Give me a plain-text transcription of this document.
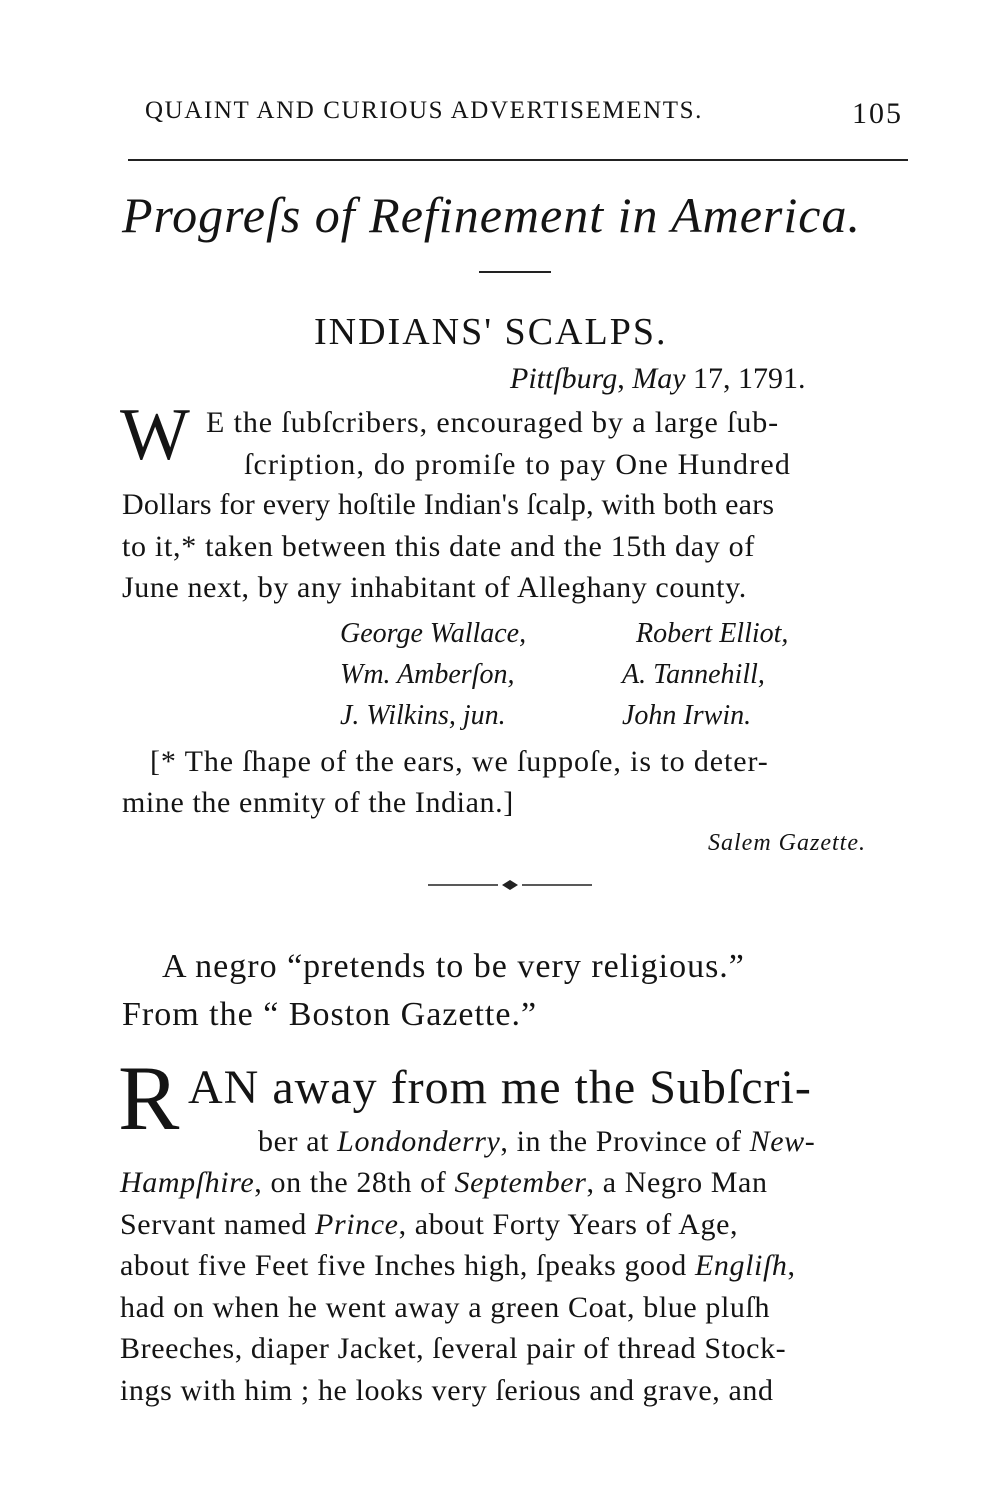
QUAINT AND CURIOUS ADVERTISEMENTS.	105
Progreſs of Refinement in America.
INDIANS' SCALPS.
Pittſburg, May 17, 1791.
W E the ſubſcribers, encouraged by a large ſub-
ſcription, do promiſe to pay One Hundred
Dollars for every hoſtile Indian's ſcalp, with both ears
to it,* taken between this date and the 15th day of
June next, by any inhabitant of Alleghany county.
George Wallace,	Robert Elliot,
Wm. Amberſon,	A. Tannehill,
J. Wilkins, jun.	John Irwin.
[* The ſhape of the ears, we ſuppoſe, is to deter-
mine the enmity of the Indian.]
Salem Gazette.
A negro “pretends to be very religious.”
From the “ Boston Gazette.”
R AN away from me the Subſcri-
ber at Londonderry, in the Province of New-
Hampſhire, on the 28th of September, a Negro Man
Servant named Prince, about Forty Years of Age,
about five Feet five Inches high, ſpeaks good Engliſh,
had on when he went away a green Coat, blue pluſh
Breeches, diaper Jacket, ſeveral pair of thread Stock-
ings with him ; he looks very ſerious and grave, and
